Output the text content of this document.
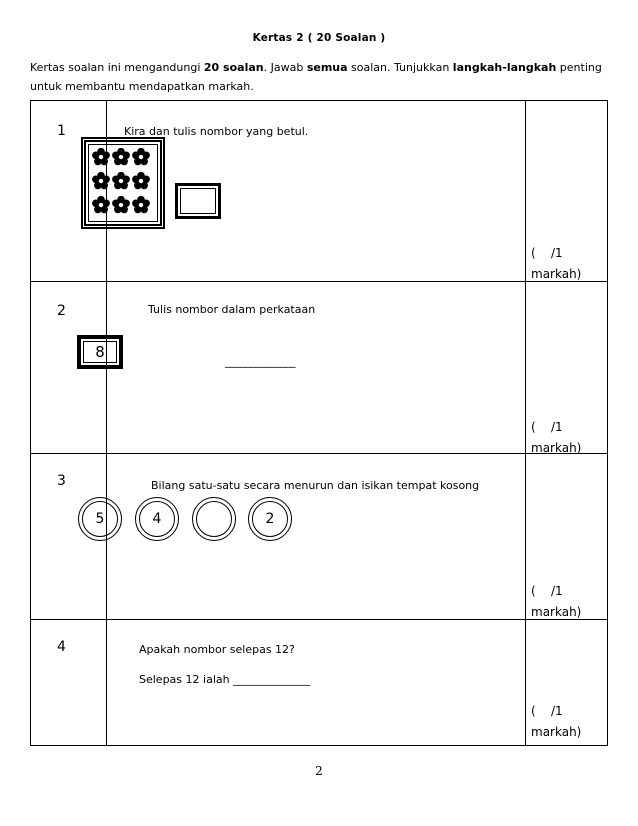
Kertas 2 ( 20 Soalan )
Kertas soalan ini mengandungi 20 soalan. Jawab semua soalan. Tunjukkan langkah-langkah penting untuk membantu mendapatkan markah.
1	Kira dan tulis nombor yang betul.
( /1
markah)
2	Tulis nombor dalam perkataan
8
______________
( /1
markah)
3	Bilang satu-satu secara menurun dan isikan tempat kosong
5	4	2
( /1
markah)
4	Apakah nombor selepas 12?
Selepas 12 ialah ______________
( /1
markah)
2
